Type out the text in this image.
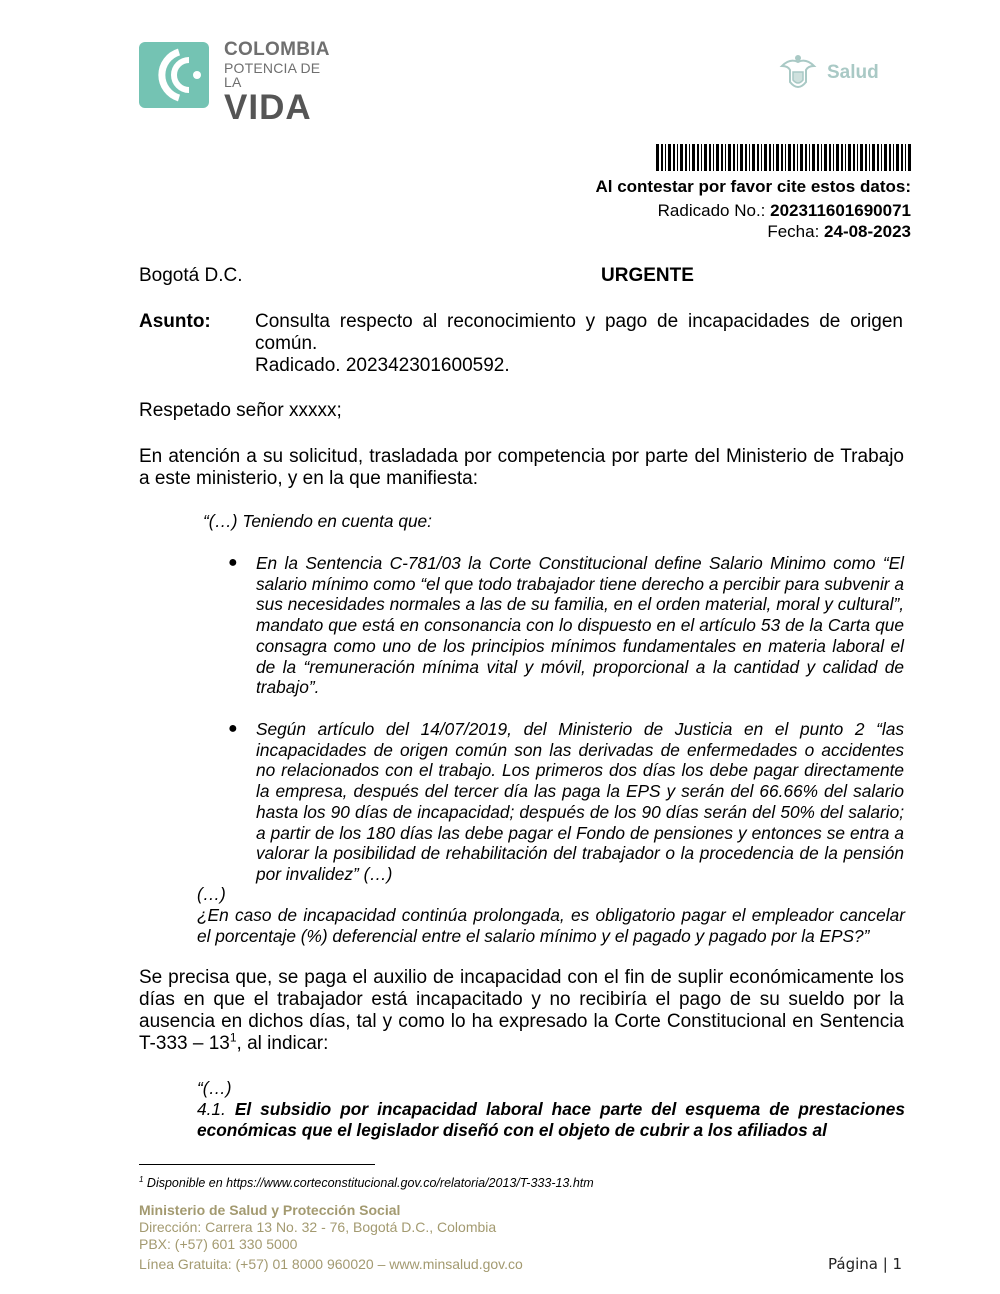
COLOMBIA
POTENCIA DE LA
VIDA
Salud
Al contestar por favor cite estos datos:
Radicado No.: 202311601690071
Fecha: 24-08-2023
Bogotá D.C.	URGENTE
Asunto: Consulta respecto al reconocimiento y pago de incapacidades de origen común.
Radicado. 202342301600592.
Respetado señor xxxxx;
En atención a su solicitud, trasladada por competencia por parte del Ministerio de Trabajo a este ministerio, y en la que manifiesta:
“(…) Teniendo en cuenta que:
● En la Sentencia C-781/03 la Corte Constitucional define Salario Minimo como “El salario mínimo como “el que todo trabajador tiene derecho a percibir para subvenir a sus necesidades normales a las de su familia, en el orden material, moral y cultural”, mandato que está en consonancia con lo dispuesto en el artículo 53 de la Carta que consagra como uno de los principios mínimos fundamentales en materia laboral el de la “remuneración mínima vital y móvil, proporcional a la cantidad y calidad de trabajo”.
● Según artículo del 14/07/2019, del Ministerio de Justicia en el punto 2 “las incapacidades de origen común son las derivadas de enfermedades o accidentes no relacionados con el trabajo. Los primeros dos días los debe pagar directamente la empresa, después del tercer día las paga la EPS y serán del 66.66% del salario hasta los 90 días de incapacidad; después de los 90 días serán del 50% del salario; a partir de los 180 días las debe pagar el Fondo de pensiones y entonces se entra a valorar la posibilidad de rehabilitación del trabajador o la procedencia de la pensión por invalidez” (…)
(…)
¿En caso de incapacidad continúa prolongada, es obligatorio pagar el empleador cancelar el porcentaje (%) deferencial entre el salario mínimo y el pagado y pagado por la EPS?”
Se precisa que, se paga el auxilio de incapacidad con el fin de suplir económicamente los días en que el trabajador está incapacitado y no recibiría el pago de su sueldo por la ausencia en dichos días, tal y como lo ha expresado la Corte Constitucional en Sentencia $T-333 - 13^1$, al indicar:
“(…)
4.1. El subsidio por incapacidad laboral hace parte del esquema de prestaciones económicas que el legislador diseñó con el objeto de cubrir a los afiliados al
$^1$ Disponible en https://www.corteconstitucional.gov.co/relatoria/2013/T-333-13.htm
Ministerio de Salud y Protección Social
Dirección: Carrera 13 No. 32 - 76, Bogotá D.C., Colombia
PBX: (+57) 601 330 5000
Línea Gratuita: (+57) 01 8000 960020 – www.minsalud.gov.co	Página | 1
